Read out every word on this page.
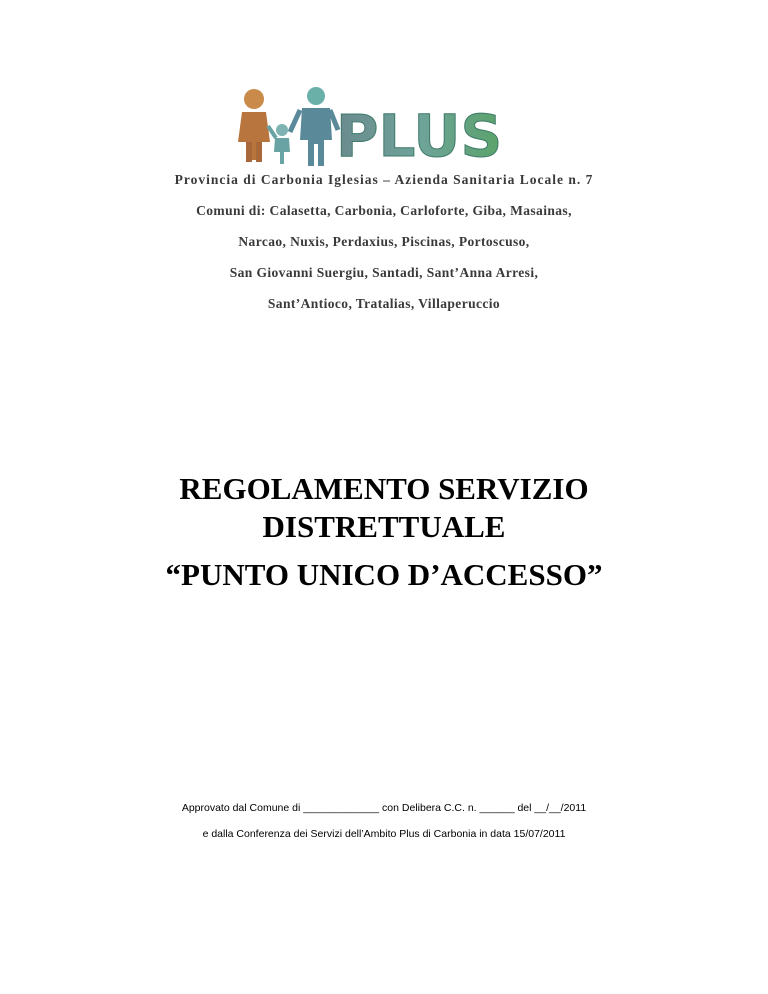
PLUS
Provincia di Carbonia Iglesias – Azienda Sanitaria Locale n. 7
Comuni di: Calasetta, Carbonia, Carloforte, Giba, Masainas,
Narcao, Nuxis, Perdaxius, Piscinas, Portoscuso,
San Giovanni Suergiu, Santadi, Sant’Anna Arresi,
Sant’Antioco, Tratalias, Villaperuccio
REGOLAMENTO SERVIZIO
DISTRETTUALE
“PUNTO UNICO D’ACCESSO”
Approvato dal Comune di _____________ con Delibera C.C. n. ______ del __/__/2011
e dalla Conferenza dei Servizi dell’Ambito Plus di Carbonia in data 15/07/2011
